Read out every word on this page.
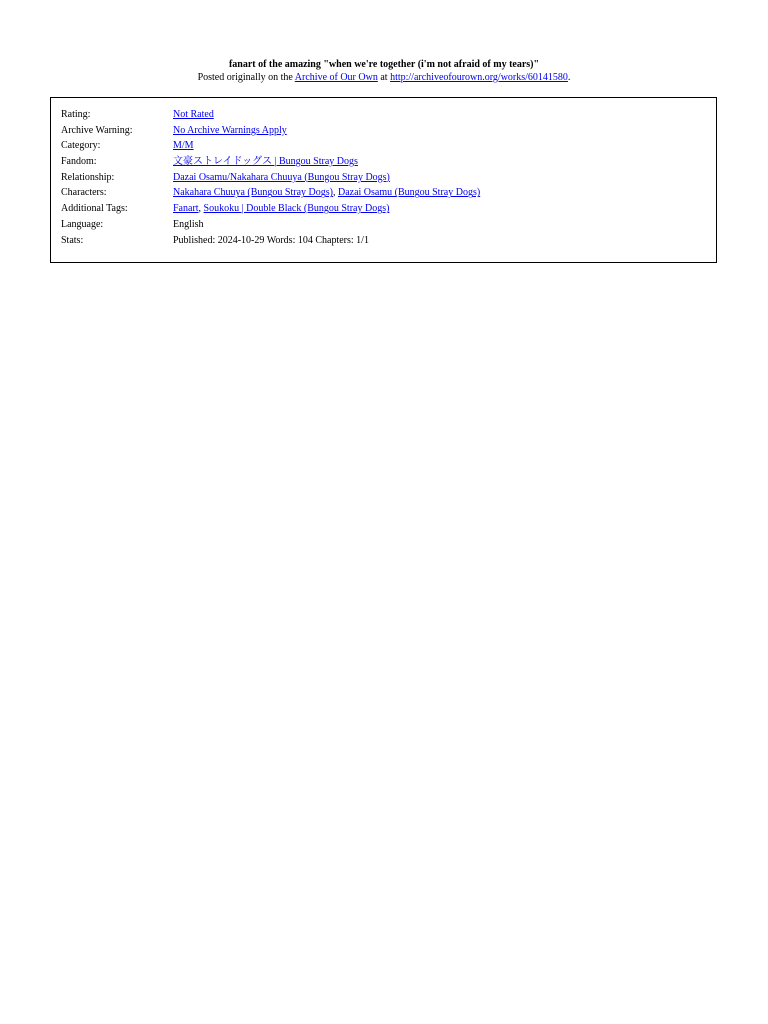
fanart of the amazing "when we're together (i'm not afraid of my tears)"
Posted originally on the Archive of Our Own at http://archiveofourown.org/works/60141580.
Rating:	Not Rated
Archive Warning:	No Archive Warnings Apply
Category:	M/M
Fandom:	文豪ストレイドッグス | Bungou Stray Dogs
Relationship:	Dazai Osamu/Nakahara Chuuya (Bungou Stray Dogs)
Characters:	Nakahara Chuuya (Bungou Stray Dogs), Dazai Osamu (Bungou Stray Dogs)
Additional Tags:	Fanart, Soukoku | Double Black (Bungou Stray Dogs)
Language:	English
Stats:	Published: 2024-10-29 Words: 104 Chapters: 1/1
